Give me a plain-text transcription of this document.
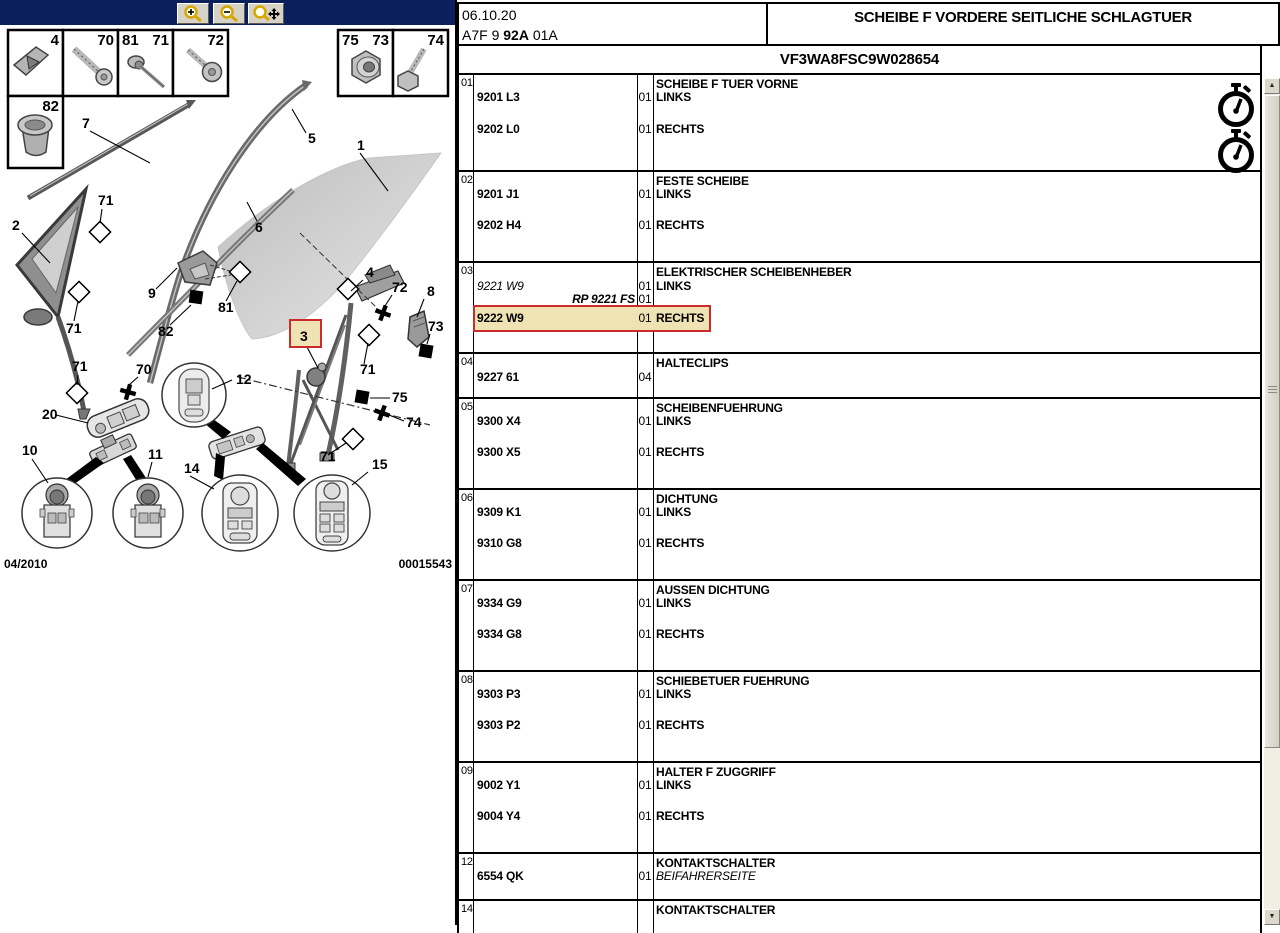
4	70 81 71	72
82
75 73	74
7
5	1
6
2
71
9
81
82
71
71	70
20
10	11
12
14	15
3
4
72 8
73
71
75
74
71
04/2010	00015543
06.10.20
A7F 9 92A 01A
SCHEIBE F VORDERE SEITLICHE SCHLAGTUER
VF3WA8FSC9W028654
01	SCHEIBE F TUER VORNE
9201 L3	01 LINKS
9202 L0	01 RECHTS
02	FESTE SCHEIBE
9201 J1	01 LINKS
9202 H4	01 RECHTS
03	ELEKTRISCHER SCHEIBENHEBER
9221 W9	01 LINKS
RP 9221 FS 01
9222 W9	01 RECHTS
04	HALTECLIPS
9227 61	04
05	SCHEIBENFUEHRUNG
9300 X4	01 LINKS
9300 X5	01 RECHTS
06	DICHTUNG
9309 K1	01 LINKS
9310 G8	01 RECHTS
07	AUSSEN DICHTUNG
9334 G9	01 LINKS
9334 G8	01 RECHTS
08	SCHIEBETUER FUEHRUNG
9303 P3	01 LINKS
9303 P2	01 RECHTS
09	HALTER F ZUGGRIFF
9002 Y1	01 LINKS
9004 Y4	01 RECHTS
12	KONTAKTSCHALTER
6554 QK	01 BEIFAHRERSEITE
14	KONTAKTSCHALTER
▲
▼
